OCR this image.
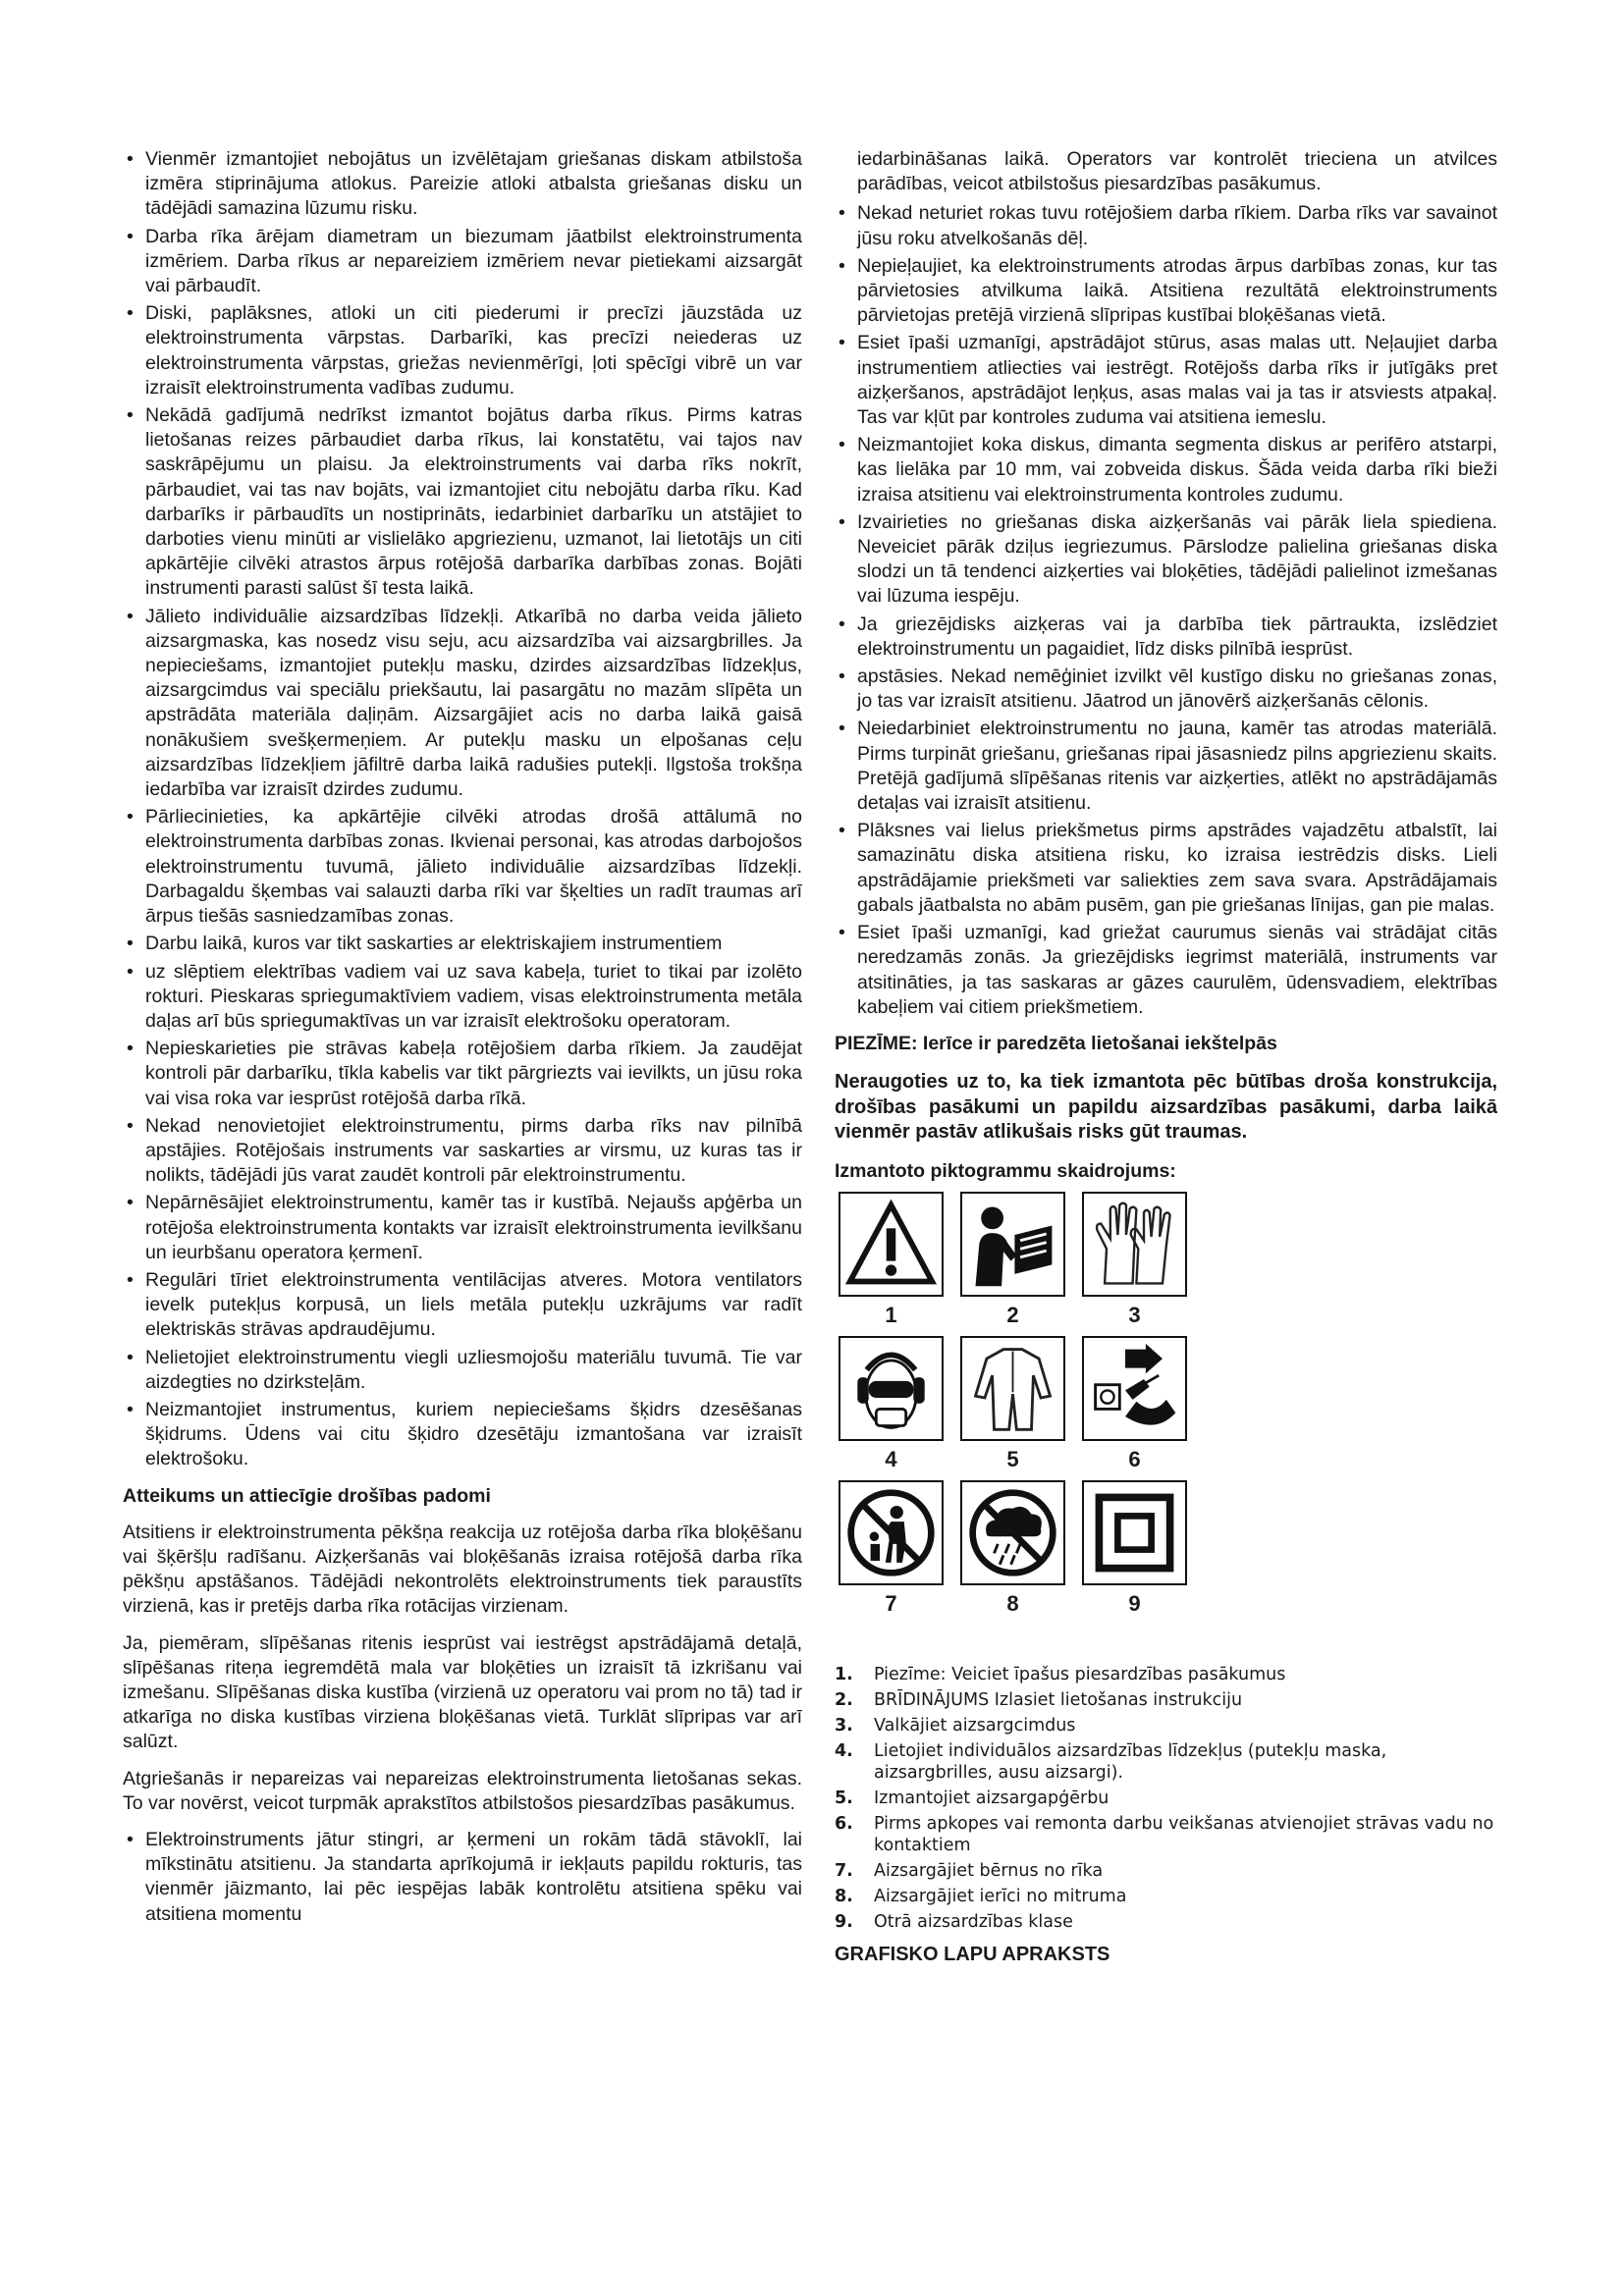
• Vienmēr izmantojiet nebojātus un izvēlētajam griešanas diskam atbilstoša izmēra stiprinājuma atlokus. Pareizie atloki atbalsta griešanas disku un tādējādi samazina lūzumu risku.
• Darba rīka ārējam diametram un biezumam jāatbilst elektroinstrumenta izmēriem. Darba rīkus ar nepareiziem izmēriem nevar pietiekami aizsargāt vai pārbaudīt.
• Diski, paplāksnes, atloki un citi piederumi ir precīzi jāuzstāda uz elektroinstrumenta vārpstas. Darbarīki, kas precīzi neiederas uz elektroinstrumenta vārpstas, griežas nevienmērīgi, ļoti spēcīgi vibrē un var izraisīt elektroinstrumenta vadības zudumu.
• Nekādā gadījumā nedrīkst izmantot bojātus darba rīkus. Pirms katras lietošanas reizes pārbaudiet darba rīkus, lai konstatētu, vai tajos nav saskrāpējumu un plaisu. Ja elektroinstruments vai darba rīks nokrīt, pārbaudiet, vai tas nav bojāts, vai izmantojiet citu nebojātu darba rīku. Kad darbarīks ir pārbaudīts un nostiprināts, iedarbiniet darbarīku un atstājiet to darboties vienu minūti ar vislielāko apgriezienu, uzmanot, lai lietotājs un citi apkārtējie cilvēki atrastos ārpus rotējošā darbarīka darbības zonas. Bojāti instrumenti parasti salūst šī testa laikā.
• Jālieto individuālie aizsardzības līdzekļi. Atkarībā no darba veida jālieto aizsargmaska, kas nosedz visu seju, acu aizsardzība vai aizsargbrilles. Ja nepieciešams, izmantojiet putekļu masku, dzirdes aizsardzības līdzekļus, aizsargcimdus vai speciālu priekšautu, lai pasargātu no mazām slīpēta un apstrādāta materiāla daļiņām. Aizsargājiet acis no darba laikā gaisā nonākušiem svešķermeņiem. Ar putekļu masku un elpošanas ceļu aizsardzības līdzekļiem jāfiltrē darba laikā radušies putekļi. Ilgstoša trokšņa iedarbība var izraisīt dzirdes zudumu.
• Pārliecinieties, ka apkārtējie cilvēki atrodas drošā attālumā no elektroinstrumenta darbības zonas. Ikvienai personai, kas atrodas darbojošos elektroinstrumentu tuvumā, jālieto individuālie aizsardzības līdzekļi. Darbagaldu šķembas vai salauzti darba rīki var šķelties un radīt traumas arī ārpus tiešās sasniedzamības zonas.
• Darbu laikā, kuros var tikt saskarties ar elektriskajiem instrumentiem
• uz slēptiem elektrības vadiem vai uz sava kabeļa, turiet to tikai par izolēto rokturi. Pieskaras spriegumaktīviem vadiem, visas elektroinstrumenta metāla daļas arī būs spriegumaktīvas un var izraisīt elektrošoku operatoram.
• Nepieskarieties pie strāvas kabeļa rotējošiem darba rīkiem. Ja zaudējat kontroli pār darbarīku, tīkla kabelis var tikt pārgriezts vai ievilkts, un jūsu roka vai visa roka var iesprūst rotējošā darba rīkā.
• Nekad nenovietojiet elektroinstrumentu, pirms darba rīks nav pilnībā apstājies. Rotējošais instruments var saskarties ar virsmu, uz kuras tas ir nolikts, tādējādi jūs varat zaudēt kontroli pār elektroinstrumentu.
• Nepārnēsājiet elektroinstrumentu, kamēr tas ir kustībā. Nejaušs apģērba un rotējoša elektroinstrumenta kontakts var izraisīt elektroinstrumenta ievilkšanu un ieurbšanu operatora ķermenī.
• Regulāri tīriet elektroinstrumenta ventilācijas atveres. Motora ventilators ievelk putekļus korpusā, un liels metāla putekļu uzkrājums var radīt elektriskās strāvas apdraudējumu.
• Nelietojiet elektroinstrumentu viegli uzliesmojošu materiālu tuvumā. Tie var aizdegties no dzirksteļām.
• Neizmantojiet instrumentus, kuriem nepieciešams šķidrs dzesēšanas šķidrums. Ūdens vai citu šķidro dzesētāju izmantošana var izraisīt elektrošoku.
Atteikums un attiecīgie drošības padomi

Atsitiens ir elektroinstrumenta pēkšņa reakcija uz rotējoša darba rīka bloķēšanu vai šķēršļu radīšanu. Aizķeršanās vai bloķēšanās izraisa rotējošā darba rīka pēkšņu apstāšanos. Tādējādi nekontrolēts elektroinstruments tiek paraustīts virzienā, kas ir pretējs darba rīka rotācijas virzienam.

Ja, piemēram, slīpēšanas ritenis iesprūst vai iestrēgst apstrādājamā detaļā, slīpēšanas riteņa iegremdētā mala var bloķēties un izraisīt tā izkrišanu vai izmešanu. Slīpēšanas diska kustība (virzienā uz operatoru vai prom no tā) tad ir atkarīga no diska kustības virziena bloķēšanas vietā. Turklāt slīpripas var arī salūzt.

Atgriešanās ir nepareizas vai nepareizas elektroinstrumenta lietošanas sekas. To var novērst, veicot turpmāk aprakstītos atbilstošos piesardzības pasākumus.

• Elektroinstruments jātur stingri, ar ķermeni un rokām tādā stāvoklī, lai mīkstinātu atsitienu. Ja standarta aprīkojumā ir iekļauts papildu rokturis, tas vienmēr jāizmanto, lai pēc iespējas labāk kontrolētu atsitiena spēku vai atsitiena momentu
iedarbināšanas laikā. Operators var kontrolēt trieciena un atvilces parādības, veicot atbilstošus piesardzības pasākumus.
• Nekad neturiet rokas tuvu rotējošiem darba rīkiem. Darba rīks var savainot jūsu roku atvelkošanās dēļ.
• Nepieļaujiet, ka elektroinstruments atrodas ārpus darbības zonas, kur tas pārvietosies atvilkuma laikā. Atsitiena rezultātā elektroinstruments pārvietojas pretējā virzienā slīpripas kustībai bloķēšanas vietā.
• Esiet īpaši uzmanīgi, apstrādājot stūrus, asas malas utt. Neļaujiet darba instrumentiem atliecties vai iestrēgt. Rotējošs darba rīks ir jutīgāks pret aizķeršanos, apstrādājot leņķus, asas malas vai ja tas ir atsviests atpakaļ. Tas var kļūt par kontroles zuduma vai atsitiena iemeslu.
• Neizmantojiet koka diskus, dimanta segmenta diskus ar perifēro atstarpi, kas lielāka par 10 mm, vai zobveida diskus. Šāda veida darba rīki bieži izraisa atsitienu vai elektroinstrumenta kontroles zudumu.
• Izvairieties no griešanas diska aizķeršanās vai pārāk liela spiediena. Neveiciet pārāk dziļus iegriezumus. Pārslodze palielina griešanas diska slodzi un tā tendenci aizķerties vai bloķēties, tādējādi palielinot izmešanas vai lūzuma iespēju.
• Ja griezējdisks aizķeras vai ja darbība tiek pārtraukta, izslēdziet elektroinstrumentu un pagaidiet, līdz disks pilnībā iesprūst.
• apstāsies. Nekad nemēģiniet izvilkt vēl kustīgo disku no griešanas zonas, jo tas var izraisīt atsitienu. Jāatrod un jānovērš aizķeršanās cēlonis.
• Neiedarbiniet elektroinstrumentu no jauna, kamēr tas atrodas materiālā. Pirms turpināt griešanu, griešanas ripai jāsasniedz pilns apgriezienu skaits. Pretējā gadījumā slīpēšanas ritenis var aizķerties, atlēkt no apstrādājamās detaļas vai izraisīt atsitienu.
• Plāksnes vai lielus priekšmetus pirms apstrādes vajadzētu atbalstīt, lai samazinātu diska atsitiena risku, ko izraisa iestrēdzis disks. Lieli apstrādājamie priekšmeti var saliekties zem sava svara. Apstrādājamais gabals jāatbalsta no abām pusēm, gan pie griešanas līnijas, gan pie malas.
• Esiet īpaši uzmanīgi, kad griežat caurumus sienās vai strādājat citās neredzamās zonās. Ja griezējdisks iegrimst materiālā, instruments var atsitināties, ja tas saskaras ar gāzes caurulēm, ūdensvadiem, elektrības kabeļiem vai citiem priekšmetiem.
PIEZĪME: Ierīce ir paredzēta lietošanai iekštelpās
Neraugoties uz to, ka tiek izmantota pēc būtības droša konstrukcija, drošības pasākumi un papildu aizsardzības pasākumi, darba laikā vienmēr pastāv atlikušais risks gūt traumas.
Izmantoto piktogrammu skaidrojums:
1	2	3
4	5	6
7	8	9
1. Piezīme: Veiciet īpašus piesardzības pasākumus
2. BRĪDINĀJUMS Izlasiet lietošanas instrukciju
3. Valkājiet aizsargcimdus
4. Lietojiet individuālos aizsardzības līdzekļus (putekļu maska, aizsargbrilles, ausu aizsargi).
5. Izmantojiet aizsargapģērbu
6. Pirms apkopes vai remonta darbu veikšanas atvienojiet strāvas vadu no kontaktiem
7. Aizsargājiet bērnus no rīka
8. Aizsargājiet ierīci no mitruma
9. Otrā aizsardzības klase
GRAFISKO LAPU APRAKSTS
